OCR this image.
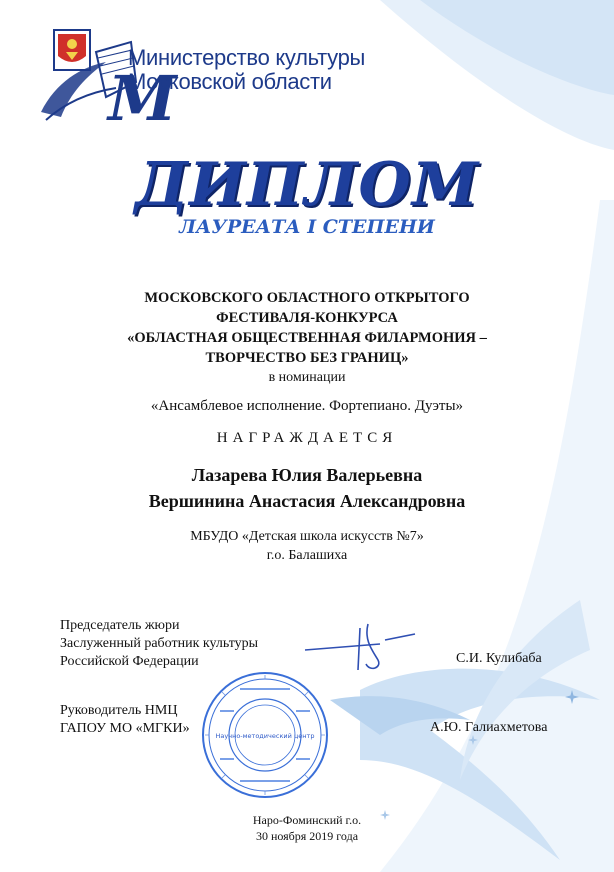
М
Министерство культуры
Московской области
ДИПЛОМ
ЛАУРЕАТА I СТЕПЕНИ
МОСКОВСКОГО ОБЛАСТНОГО ОТКРЫТОГО
ФЕСТИВАЛЯ-КОНКУРСА
«ОБЛАСТНАЯ ОБЩЕСТВЕННАЯ ФИЛАРМОНИЯ –
ТВОРЧЕСТВО БЕЗ ГРАНИЦ»
в номинации
«Ансамблевое исполнение. Фортепиано. Дуэты»
НАГРАЖДАЕТСЯ
Лазарева Юлия Валерьевна
Вершинина Анастасия Александровна
МБУДО «Детская школа искусств №7»
г.о. Балашиха
Председатель жюри
Заслуженный работник культуры
Российской Федерации	С.И. Кулибаба
Руководитель НМЦ
ГАПОУ МО «МГКИ»	А.Ю. Галиахметова
Научно-методический центр
Наро-Фоминский г.о.
30 ноября 2019 года
